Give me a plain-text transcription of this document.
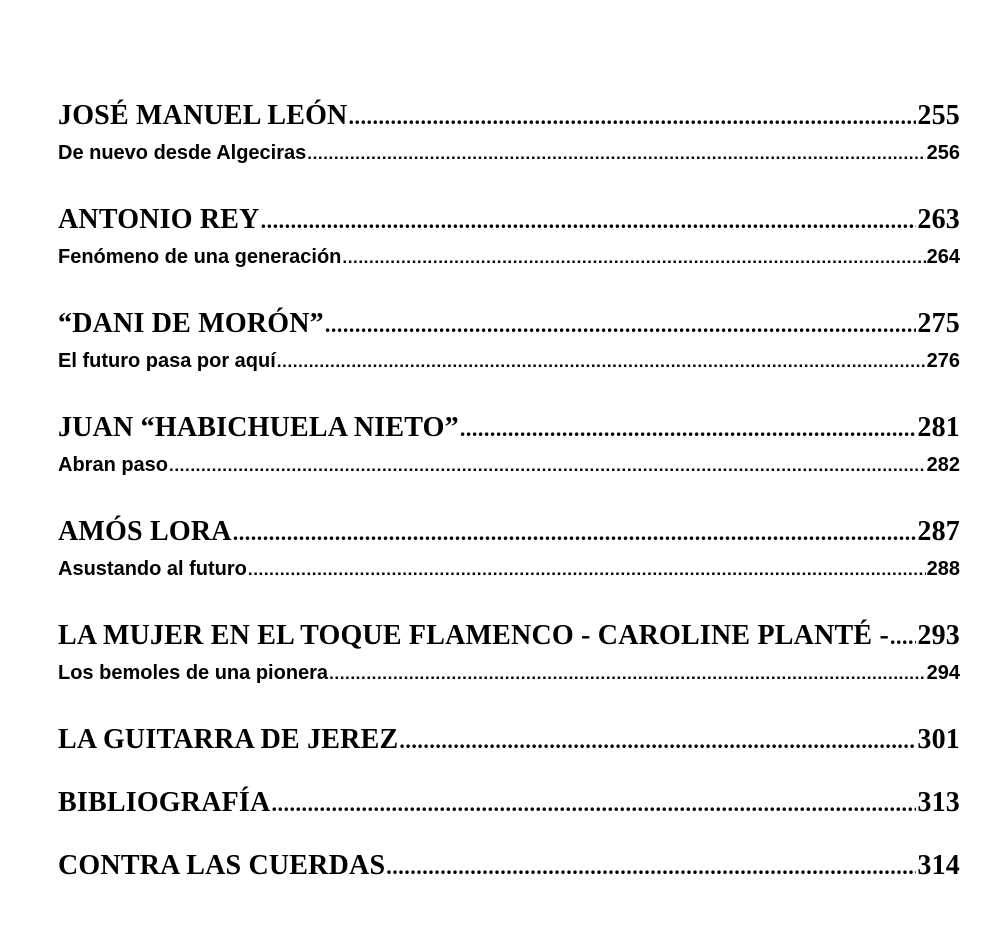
JOSÉ MANUEL LEÓN .....	255
De nuevo desde Algeciras .....	256
ANTONIO REY .....	263
Fenómeno de una generación .....	264
“DANI DE MORÓN” .....	275
El futuro pasa por aquí .....	276
JUAN “HABICHUELA NIETO” .....	281
Abran paso .....	282
AMÓS LORA .....	287
Asustando al futuro .....	288
LA MUJER EN EL TOQUE FLAMENCO - CAROLINE PLANTÉ - ..... 293
Los bemoles de una pionera .....	294
LA GUITARRA DE JEREZ .....	301
BIBLIOGRAFÍA .....	313
CONTRA LAS CUERDAS .....	314
